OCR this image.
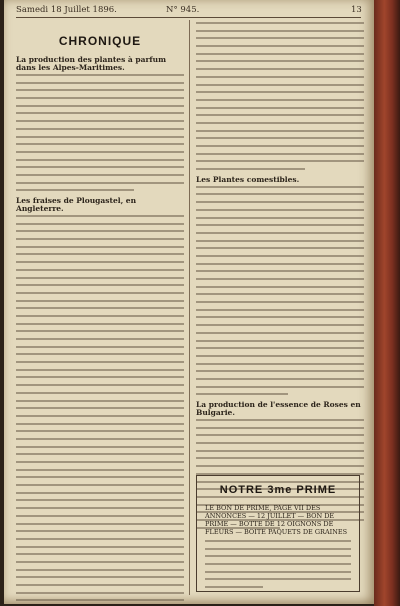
Samedi 18 Juillet 1896.	N° 945.	13
CHRONIQUE
La production des plantes à parfum dans les Alpes-Maritimes.
Les fraises de Plougastel, en Angleterre.
Les Plantes comestibles.
La production de l'essence de Roses en Bulgarie.
NOTRE 3me PRIME
LE BON DE PRIME, PAGE VII DES ANNONCES — 12 JUILLET — BON DE PRIME — BOTTE DE 12 OIGNONS DE FLEURS — BOITE PAQUETS DE GRAINES
